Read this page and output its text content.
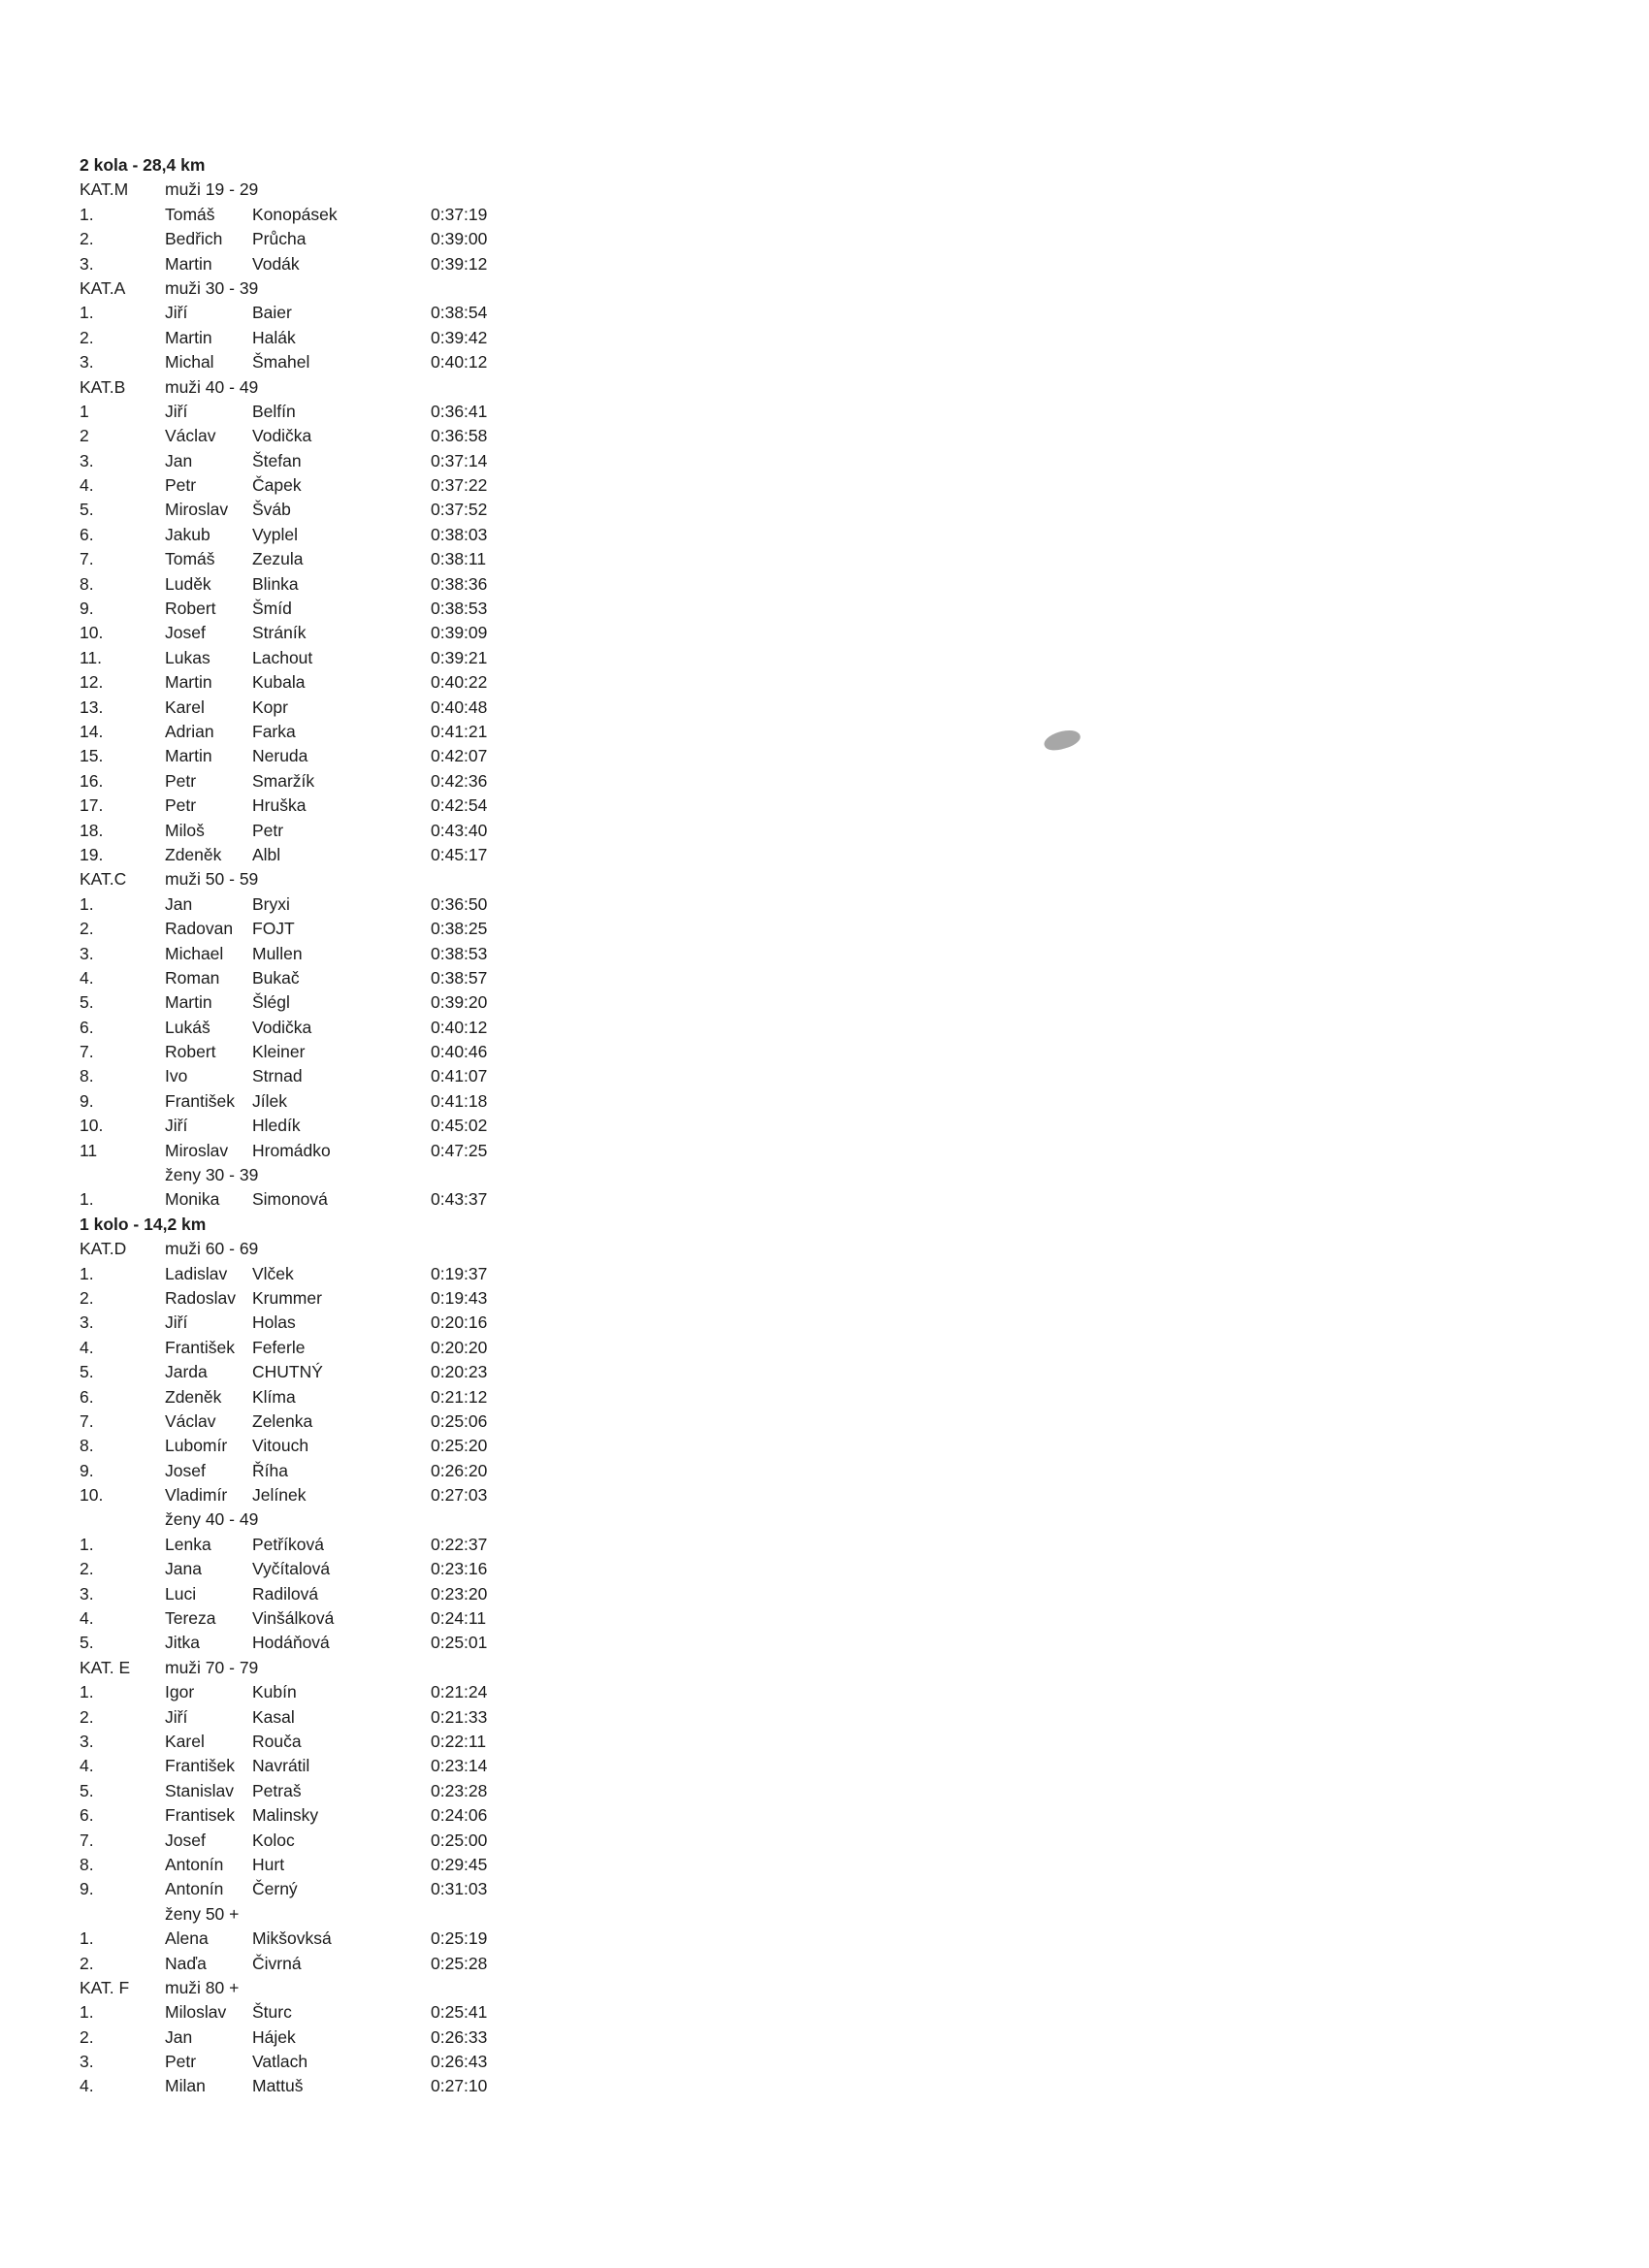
2 kola - 28,4 km
KAT.M muži 19 - 29
1.	Tomáš Konopásek	0:37:19
2.	Bedřich Průcha	0:39:00
3.	Martin Vodák	0:39:12
KAT.A muži 30 - 39
1.	Jiří	Baier	0:38:54
2.	Martin Halák	0:39:42
3.	Michal Šmahel	0:40:12
KAT.B muži 40 - 49
1	Jiří	Belfín	0:36:41
2	Václav Vodička	0:36:58
3.	Jan	Štefan	0:37:14
4.	Petr	Čapek	0:37:22
5.	Miroslav Šváb	0:37:52
6.	Jakub Vyplel	0:38:03
7.	Tomáš Zezula	0:38:11
8.	Luděk Blinka	0:38:36
9.	Robert Šmíd	0:38:53
10.	Josef	Stráník	0:39:09
11.	Lukas Lachout	0:39:21
12.	Martin Kubala	0:40:22
13.	Karel	Kopr	0:40:48
14.	Adrian Farka	0:41:21
15.	Martin Neruda	0:42:07
16.	Petr	Smaržík	0:42:36
17.	Petr	Hruška	0:42:54
18.	Miloš	Petr	0:43:40
19.	Zdeněk Albl	0:45:17
KAT.C muži 50 - 59
1.	Jan	Bryxi	0:36:50
2.	Radovan FOJT	0:38:25
3.	Michael Mullen	0:38:53
4.	Roman Bukač	0:38:57
5.	Martin Šlégl	0:39:20
6.	Lukáš Vodička	0:40:12
7.	Robert Kleiner	0:40:46
8.	Ivo	Strnad	0:41:07
9.	František Jílek	0:41:18
10.	Jiří	Hledík	0:45:02
11	Miroslav Hromádko	0:47:25
ženy 30 - 39
1.	Monika Simonová	0:43:37
1 kolo - 14,2 km
KAT.D muži 60 - 69
1.	Ladislav Vlček	0:19:37
2.	Radoslav Krummer	0:19:43
3.	Jiří	Holas	0:20:16
4.	František Feferle	0:20:20
5.	Jarda	CHUTNÝ	0:20:23
6.	Zdeněk Klíma	0:21:12
7.	Václav Zelenka	0:25:06
8.	Lubomír Vitouch	0:25:20
9.	Josef	Říha	0:26:20
10.	Vladimír Jelínek	0:27:03
ženy 40 - 49
1.	Lenka Petříková	0:22:37
2.	Jana	Vyčítalová	0:23:16
3.	Luci	Radilová	0:23:20
4.	Tereza Vinšálková	0:24:11
5.	Jitka	Hodáňová	0:25:01
KAT. E muži 70 - 79
1.	Igor	Kubín	0:21:24
2.	Jiří	Kasal	0:21:33
3.	Karel	Rouča	0:22:11
4.	František Navrátil	0:23:14
5.	Stanislav Petraš	0:23:28
6.	Frantisek Malinsky	0:24:06
7.	Josef	Koloc	0:25:00
8.	Antonín Hurt	0:29:45
9.	Antonín Černý	0:31:03
ženy 50 +
1.	Alena	Mikšovksá	0:25:19
2.	Naďa	Čivrná	0:25:28
KAT. F muži 80 +
1.	Miloslav Šturc	0:25:41
2.	Jan	Hájek	0:26:33
3.	Petr	Vatlach	0:26:43
4.	Milan	Mattuš	0:27:10
